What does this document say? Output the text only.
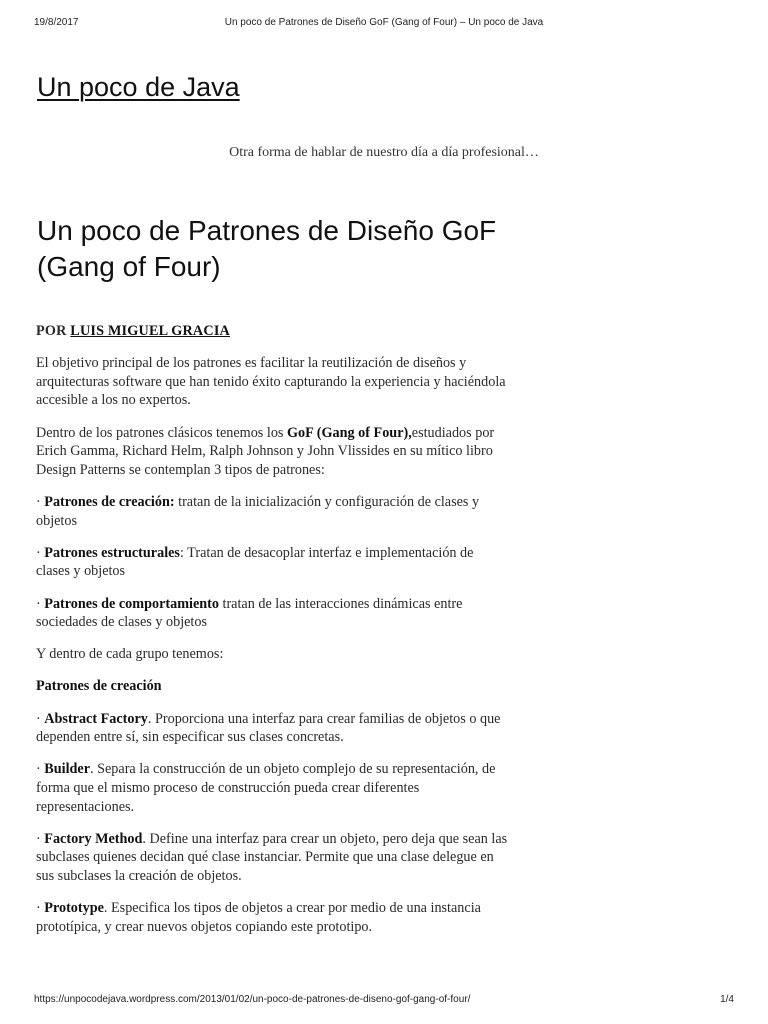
19/8/2017	Un poco de Patrones de Diseño GoF (Gang of Four) – Un poco de Java
Un poco de Java
Otra forma de hablar de nuestro día a día profesional…
Un poco de Patrones de Diseño GoF (Gang of Four)

POR LUIS MIGUEL GRACIA

El objetivo principal de los patrones es facilitar la reutilización de diseños y arquitecturas software que han tenido éxito capturando la experiencia y haciéndola accesible a los no expertos.

Dentro de los patrones clásicos tenemos los GoF (Gang of Four),estudiados por Erich Gamma, Richard Helm, Ralph Johnson y John Vlissides en su mítico libro Design Patterns se contemplan 3 tipos de patrones:

· Patrones de creación: tratan de la inicialización y configuración de clases y objetos

· Patrones estructurales: Tratan de desacoplar interfaz e implementación de clases y objetos

· Patrones de comportamiento tratan de las interacciones dinámicas entre sociedades de clases y objetos

Y dentro de cada grupo tenemos:

Patrones de creación

· Abstract Factory. Proporciona una interfaz para crear familias de objetos o que dependen entre sí, sin especificar sus clases concretas.

· Builder. Separa la construcción de un objeto complejo de su representación, de forma que el mismo proceso de construcción pueda crear diferentes representaciones.

· Factory Method. Define una interfaz para crear un objeto, pero deja que sean las subclases quienes decidan qué clase instanciar. Permite que una clase delegue en sus subclases la creación de objetos.

· Prototype. Especifica los tipos de objetos a crear por medio de una instancia prototípica, y crear nuevos objetos copiando este prototipo.

https://unpocodejava.wordpress.com/2013/01/02/un-poco-de-patrones-de-diseno-gof-gang-of-four/	1/4
